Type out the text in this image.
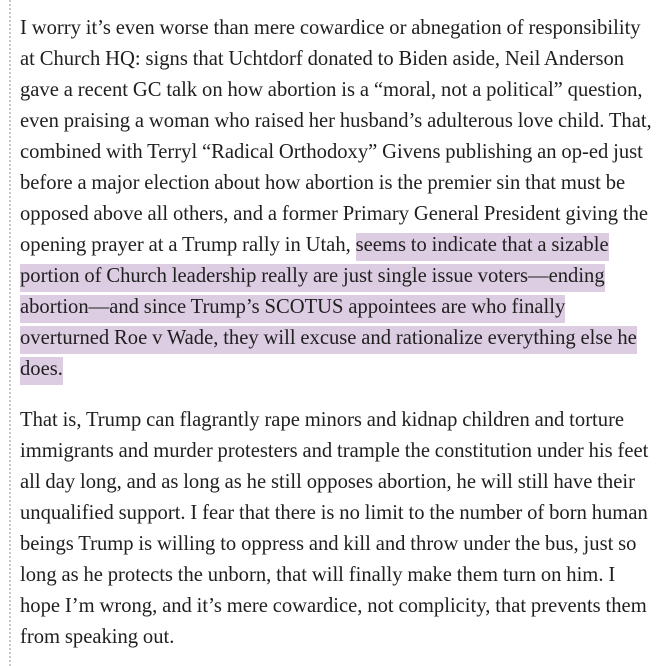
I worry it’s even worse than mere cowardice or abnegation of responsibility at Church HQ: signs that Uchtdorf donated to Biden aside, Neil Anderson gave a recent GC talk on how abortion is a “moral, not a political” question, even praising a woman who raised her husband’s adulterous love child. That, combined with Terryl “Radical Orthodoxy” Givens publishing an op-ed just before a major election about how abortion is the premier sin that must be opposed above all others, and a former Primary General President giving the opening prayer at a Trump rally in Utah, seems to indicate that a sizable portion of Church leadership really are just single issue voters—ending abortion—and since Trump’s SCOTUS appointees are who finally overturned Roe v Wade, they will excuse and rationalize everything else he does.

That is, Trump can flagrantly rape minors and kidnap children and torture immigrants and murder protesters and trample the constitution under his feet all day long, and as long as he still opposes abortion, he will still have their unqualified support. I fear that there is no limit to the number of born human beings Trump is willing to oppress and kill and throw under the bus, just so long as he protects the unborn, that will finally make them turn on him. I hope I’m wrong, and it’s mere cowardice, not complicity, that prevents them from speaking out.
